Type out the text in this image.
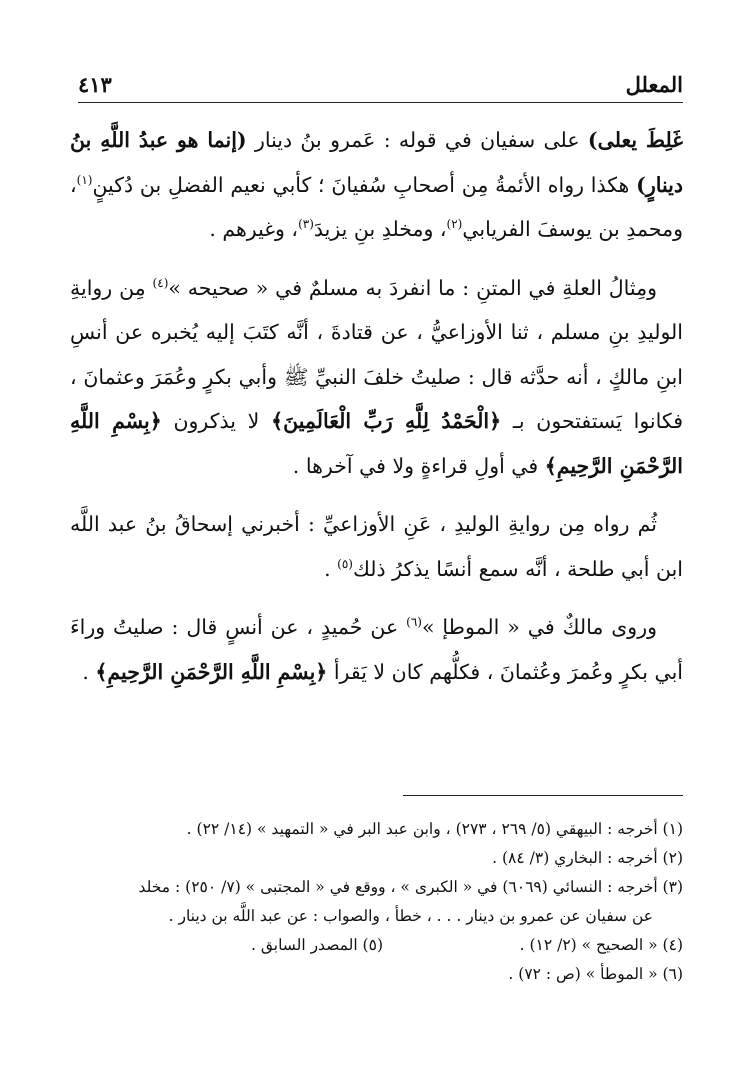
المعلل
٤١٣

غَلِطَ يعلى) على سفيان في قوله : عَمرو بنُ دينار (إنما هو عبدُ اللَّهِ بنُ دينارٍ) هكذا رواه الأئمةُ مِن أصحابِ سُفيانَ ؛ كأبي نعيم الفضلِ بن دُكينٍ$^{(١)}$، ومحمدِ بن يوسفَ الفريابي$^{(٢)}$، ومخلدِ بنِ يزيدَ$^{(٣)}$، وغيرهم .

ومِثالُ العلةِ في المتنِ : ما انفردَ به مسلمٌ في « صحيحه »$^{(٤)}$ مِن روايةِ الوليدِ بنِ مسلم ، ثنا الأوزاعيُّ ، عن قتادةَ ، أنَّه كتَبَ إليه يُخبره عن أنسِ ابنِ مالكٍ ، أنه حدَّثه قال : صليتُ خلفَ النبيِّ ﷺ وأبي بكرٍ وعُمَرَ وعثمانَ ، فكانوا يَستفتحون بـ ﴿الْحَمْدُ لِلَّهِ رَبِّ الْعَالَمِينَ﴾ لا يذكرون ﴿بِسْمِ اللَّهِ الرَّحْمَنِ الرَّحِيمِ﴾ في أولِ قراءةٍ ولا في آخرها .

ثُم رواه مِن روايةِ الوليدِ ، عَنِ الأوزاعيِّ : أخبرني إسحاقُ بنُ عبد اللَّه ابن أبي طلحة ، أنَّه سمع أنسًا يذكرُ ذلك$^{(٥)}$ .

وروى مالكٌ في « الموطإ »$^{(٦)}$ عن حُميدٍ ، عن أنسٍ قال : صليتُ وراءَ أبي بكرٍ وعُمرَ وعُثمانَ ، فكلُّهم كان لا يَقرأ ﴿بِسْمِ اللَّهِ الرَّحْمَنِ الرَّحِيمِ﴾ .

(١) أخرجه : البيهقي (٥/ ٢٦٩ ، ٢٧٣) ، وابن عبد البر في « التمهيد » (١٤/ ٢٢) .

(٢) أخرجه : البخاري (٣/ ٨٤) .

(٣) أخرجه : النسائي (٦٠٦٩) في « الكبرى » ، ووقع في « المجتبى » (٧/ ٢٥٠) : مخلد

عن سفيان عن عمرو بن دينار . . . ، خطأ ، والصواب : عن عبد اللَّه بن دينار .

(٤) « الصحيح » (٢/ ١٢) .
(٥) المصدر السابق .

(٦) « الموطأ » (ص : ٧٢) .
